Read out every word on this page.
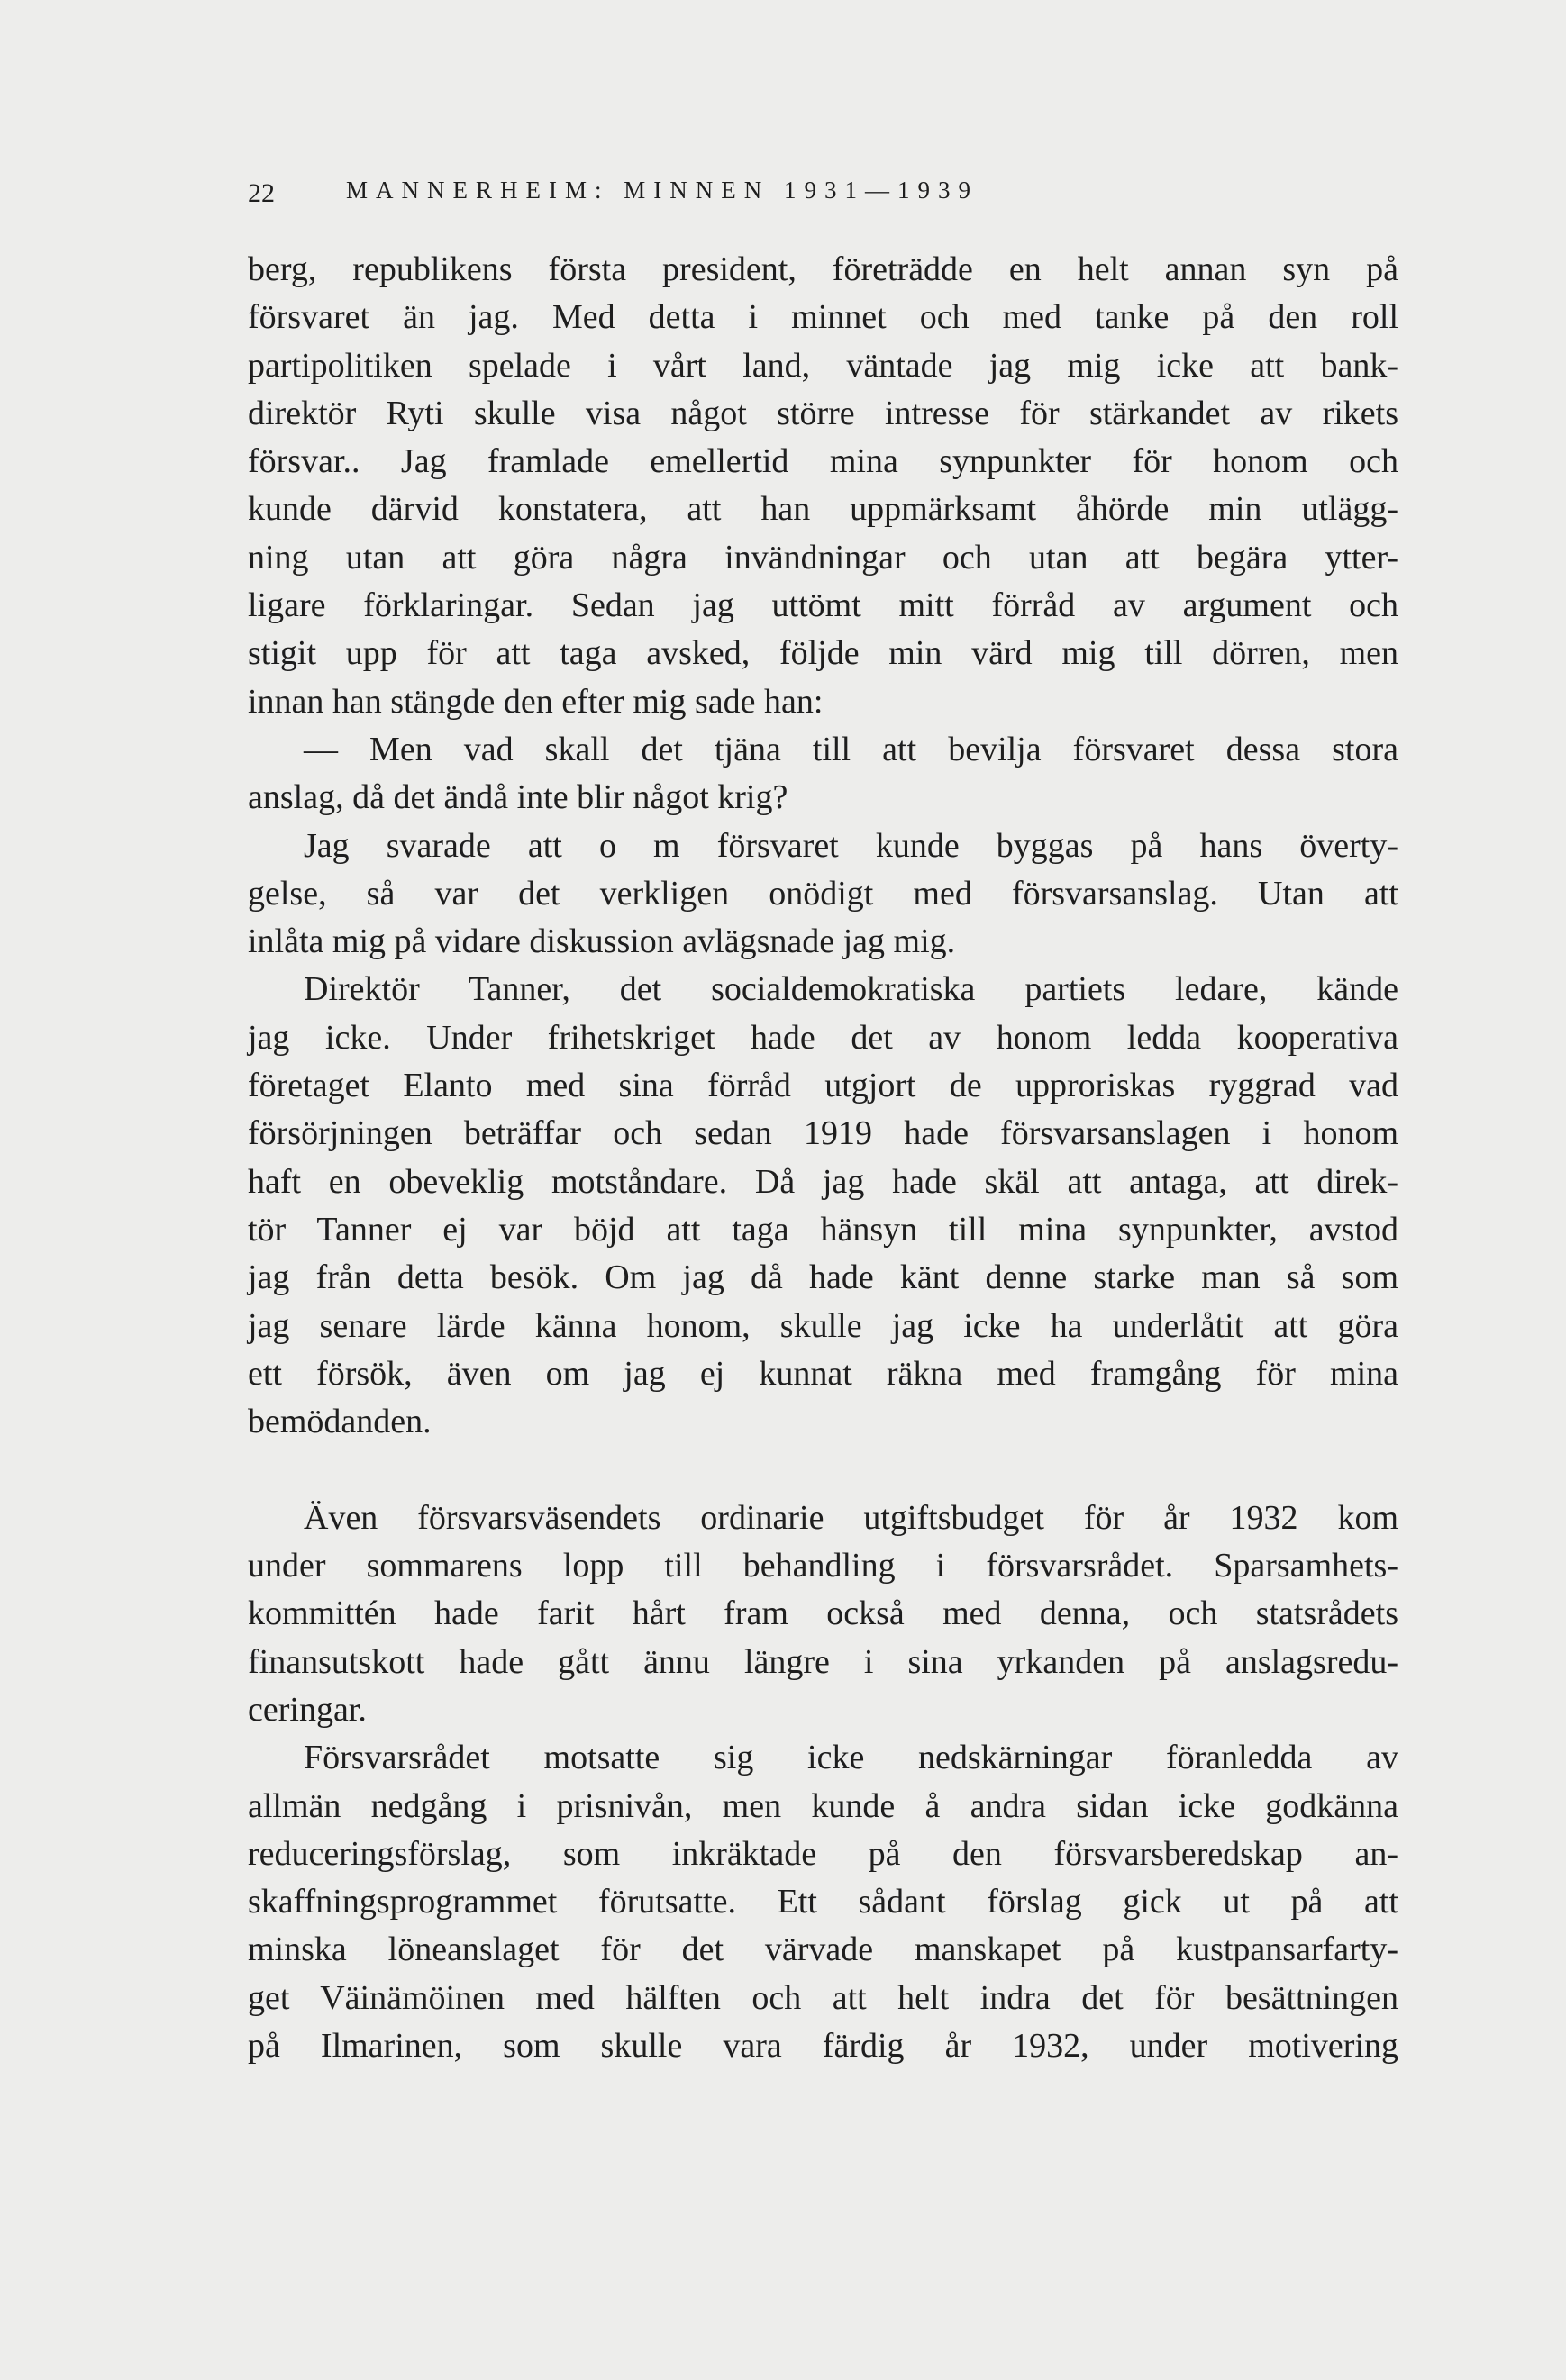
22	MANNERHEIM: MINNEN 1931—1939
berg, republikens första president, företrädde en helt annan syn på
försvaret än jag. Med detta i minnet och med tanke på den roll
partipolitiken spelade i vårt land, väntade jag mig icke att bank-
direktör Ryti skulle visa något större intresse för stärkandet av rikets
försvar.. Jag framlade emellertid mina synpunkter för honom och
kunde därvid konstatera, att han uppmärksamt åhörde min utlägg-
ning utan att göra några invändningar och utan att begära ytter-
ligare förklaringar. Sedan jag uttömt mitt förråd av argument och
stigit upp för att taga avsked, följde min värd mig till dörren, men
innan han stängde den efter mig sade han:
— Men vad skall det tjäna till att bevilja försvaret dessa stora
anslag, då det ändå inte blir något krig?
Jag svarade att o m försvaret kunde byggas på hans överty-
gelse, så var det verkligen onödigt med försvarsanslag. Utan att
inlåta mig på vidare diskussion avlägsnade jag mig.
Direktör Tanner, det socialdemokratiska partiets ledare, kände
jag icke. Under frihetskriget hade det av honom ledda kooperativa
företaget Elanto med sina förråd utgjort de upproriskas ryggrad vad
försörjningen beträffar och sedan 1919 hade försvarsanslagen i honom
haft en obeveklig motståndare. Då jag hade skäl att antaga, att direk-
tör Tanner ej var böjd att taga hänsyn till mina synpunkter, avstod
jag från detta besök. Om jag då hade känt denne starke man så som
jag senare lärde känna honom, skulle jag icke ha underlåtit att göra
ett försök, även om jag ej kunnat räkna med framgång för mina
bemödanden.
Även försvarsväsendets ordinarie utgiftsbudget för år 1932 kom
under sommarens lopp till behandling i försvarsrådet. Sparsamhets-
kommittén hade farit hårt fram också med denna, och statsrådets
finansutskott hade gått ännu längre i sina yrkanden på anslagsredu-
ceringar.
Försvarsrådet motsatte sig icke nedskärningar föranledda av
allmän nedgång i prisnivån, men kunde å andra sidan icke godkänna
reduceringsförslag, som inkräktade på den försvarsberedskap an-
skaffningsprogrammet förutsatte. Ett sådant förslag gick ut på att
minska löneanslaget för det värvade manskapet på kustpansarfarty-
get Väinämöinen med hälften och att helt indra det för besättningen
på Ilmarinen, som skulle vara färdig år 1932, under motivering
